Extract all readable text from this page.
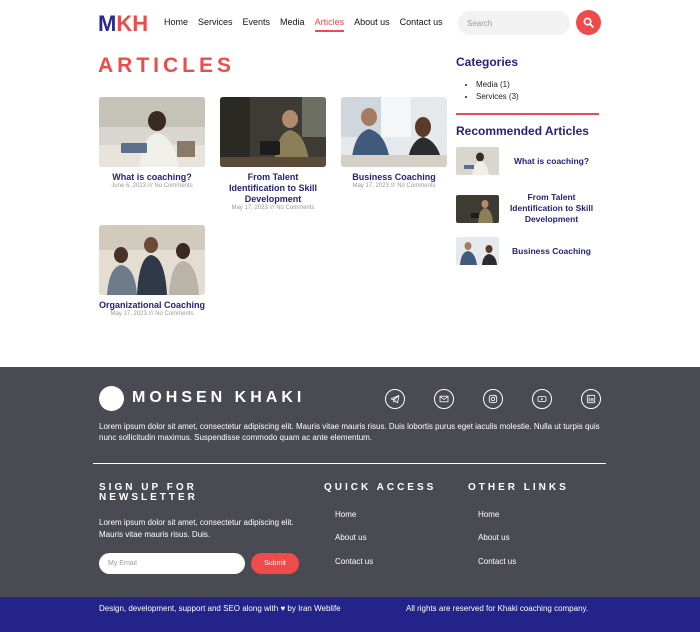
MKH Home Services Events Media Articles About us Contact us
Search
ARTICLES
What is coaching?
June 6, 2023 /// No Comments
From Talent Identification to Skill Development
May 17, 2023 /// No Comments
Business Coaching
May 17, 2023 /// No Comments
Organizational Coaching
May 17, 2023 /// No Comments
Categories
• Media (1)
• Services (3)
Recommended Articles
What is coaching?
From Talent Identification to Skill Development
Business Coaching
MOHSEN KHAKI
Lorem ipsum dolor sit amet, consectetur adipiscing elit. Mauris vitae mauris risus. Duis lobortis purus eget iaculis molestie. Nulla ut turpis quis nunc sollicitudin maximus. Suspendisse commodo quam ac ante elementum.
SIGN UP FOR NEWSLETTER
Lorem ipsum dolor sit amet, consectetur adipiscing elit. Mauris vitae mauris risus. Duis.
My Email
Submit
QUICK ACCESS
Home
About us
Contact us
OTHER LINKS
Home
About us
Contact us
Design, development, support and SEO along with ♥ by Iran Weblife	All rights are reserved for Khaki coaching company.
